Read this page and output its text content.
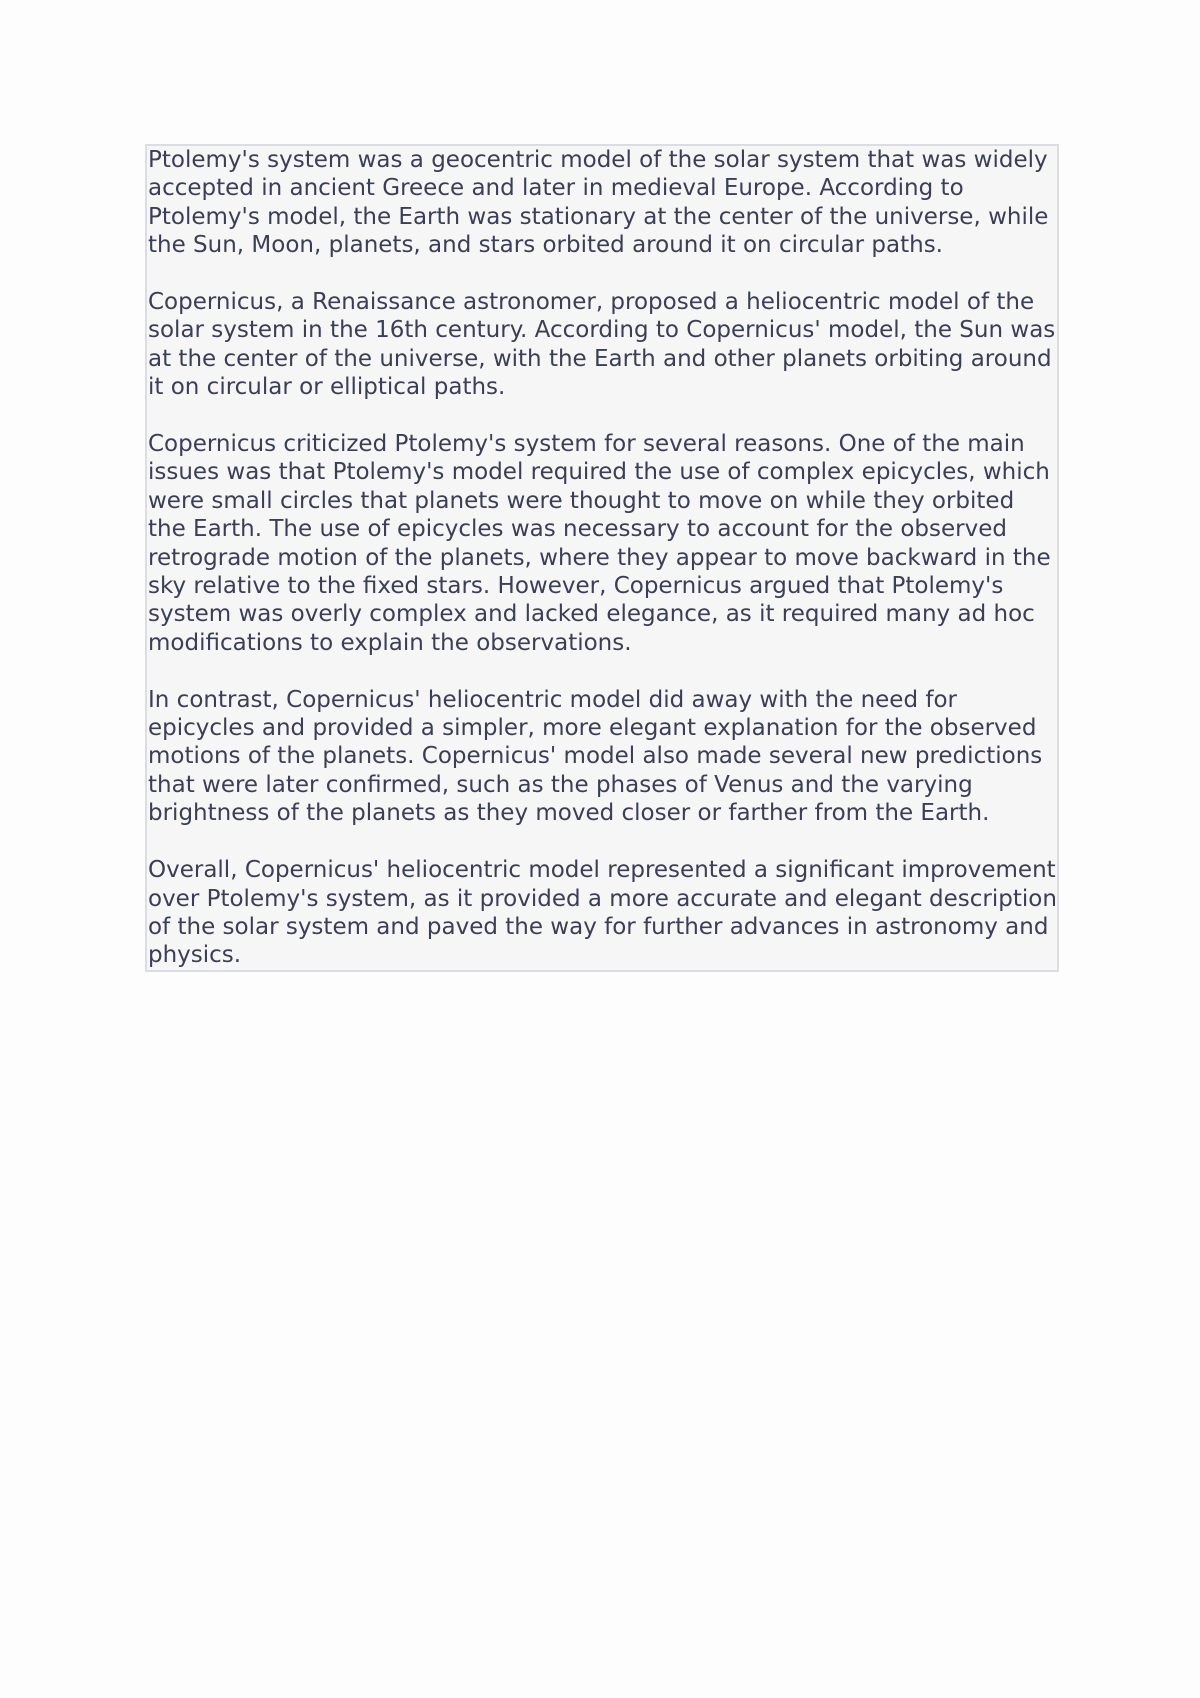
Ptolemy's system was a geocentric model of the solar system that was widely accepted in ancient Greece and later in medieval Europe. According to Ptolemy's model, the Earth was stationary at the center of the universe, while the Sun, Moon, planets, and stars orbited around it on circular paths.

Copernicus, a Renaissance astronomer, proposed a heliocentric model of the solar system in the 16th century. According to Copernicus' model, the Sun was at the center of the universe, with the Earth and other planets orbiting around it on circular or elliptical paths.

Copernicus criticized Ptolemy's system for several reasons. One of the main issues was that Ptolemy's model required the use of complex epicycles, which were small circles that planets were thought to move on while they orbited the Earth. The use of epicycles was necessary to account for the observed retrograde motion of the planets, where they appear to move backward in the sky relative to the fixed stars. However, Copernicus argued that Ptolemy's system was overly complex and lacked elegance, as it required many ad hoc modifications to explain the observations.

In contrast, Copernicus' heliocentric model did away with the need for epicycles and provided a simpler, more elegant explanation for the observed motions of the planets. Copernicus' model also made several new predictions that were later confirmed, such as the phases of Venus and the varying brightness of the planets as they moved closer or farther from the Earth.

Overall, Copernicus' heliocentric model represented a significant improvement over Ptolemy's system, as it provided a more accurate and elegant description of the solar system and paved the way for further advances in astronomy and physics.
